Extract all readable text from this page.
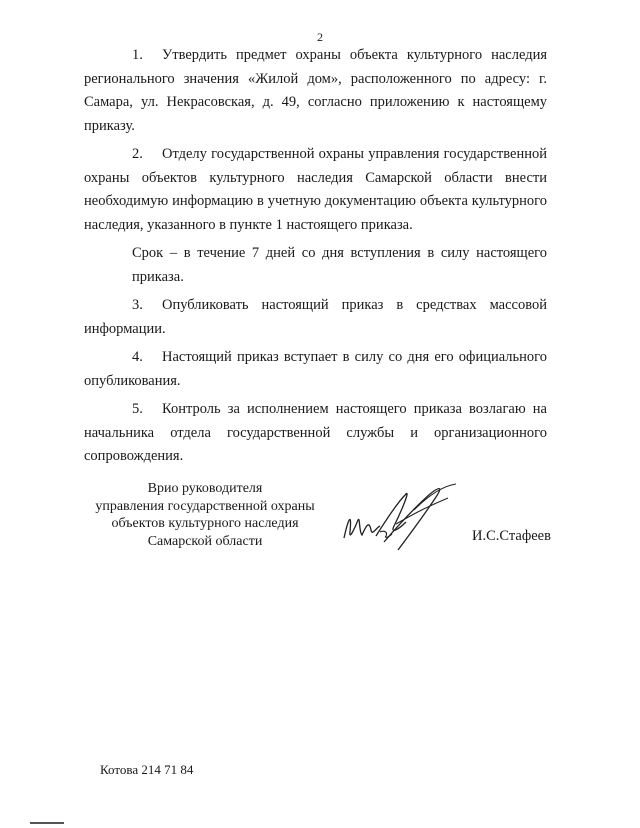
2

1. Утвердить предмет охраны объекта культурного наследия регионального значения «Жилой дом», расположенного по адресу: г. Самара, ул. Некрасовская, д. 49, согласно приложению к настоящему приказу.

2. Отделу государственной охраны управления государственной охраны объектов культурного наследия Самарской области внести необходимую информацию в учетную документацию объекта культурного наследия, указанного в пункте 1 настоящего приказа.

Срок – в течение 7 дней со дня вступления в силу настоящего приказа.

3. Опубликовать настоящий приказ в средствах массовой информации.

4. Настоящий приказ вступает в силу со дня его официального опубликования.

5. Контроль за исполнением настоящего приказа возлагаю на начальника отдела государственной службы и организационного сопровождения.

Врио руководителя
управления государственной охраны
объектов культурного наследия
Самарской области	И.С.Стафеев
Котова 214 71 84
